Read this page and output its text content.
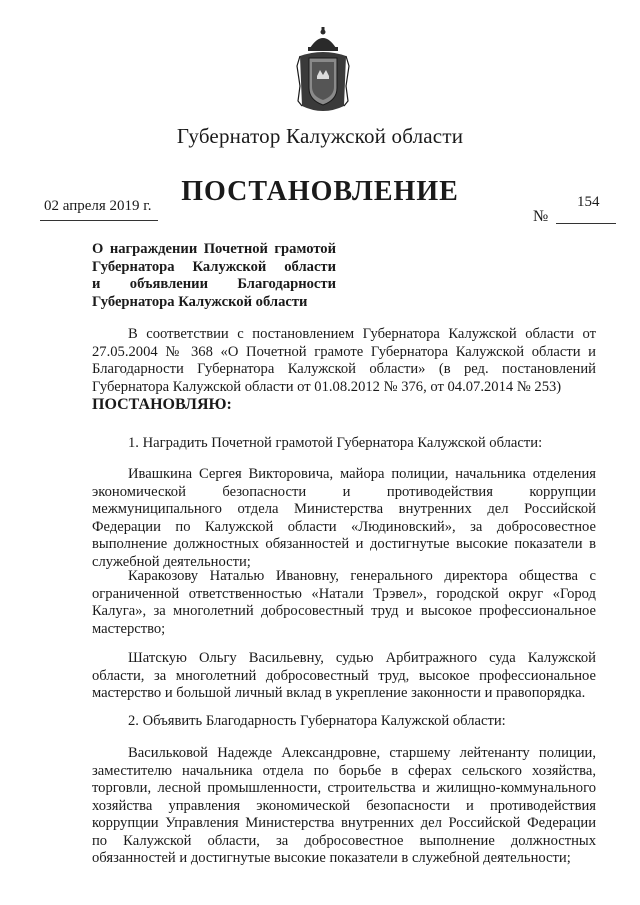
Губернатор Калужской области
ПОСТАНОВЛЕНИЕ
02 апреля 2019 г.	154
№
О награждении Почетной грамотой
Губернатора Калужской области
и объявлении Благодарности
Губернатора Калужской области

В соответствии с постановлением Губернатора Калужской области от 27.05.2004 № 368 «О Почетной грамоте Губернатора Калужской области и Благодарности Губернатора Калужской области» (в ред. постановлений Губернатора Калужской области от 01.08.2012 № 376, от 04.07.2014 № 253)
ПОСТАНОВЛЯЮ:

1. Наградить Почетной грамотой Губернатора Калужской области:

Ивашкина Сергея Викторовича, майора полиции, начальника отделения экономической безопасности и противодействия коррупции межмуниципального отдела Министерства внутренних дел Российской Федерации по Калужской области «Людиновский», за добросовестное выполнение должностных обязанностей и достигнутые высокие показатели в служебной деятельности;

Каракозову Наталью Ивановну, генерального директора общества с ограниченной ответственностью «Натали Трэвел», городской округ «Город Калуга», за многолетний добросовестный труд и высокое профессиональное мастерство;

Шатскую Ольгу Васильевну, судью Арбитражного суда Калужской области, за многолетний добросовестный труд, высокое профессиональное мастерство и большой личный вклад в укрепление законности и правопорядка.

2. Объявить Благодарность Губернатора Калужской области:

Васильковой Надежде Александровне, старшему лейтенанту полиции, заместителю начальника отдела по борьбе в сферах сельского хозяйства, торговли, лесной промышленности, строительства и жилищно-коммунального хозяйства управления экономической безопасности и противодействия коррупции Управления Министерства внутренних дел Российской Федерации по Калужской области, за добросовестное выполнение должностных обязанностей и достигнутые высокие показатели в служебной деятельности;
